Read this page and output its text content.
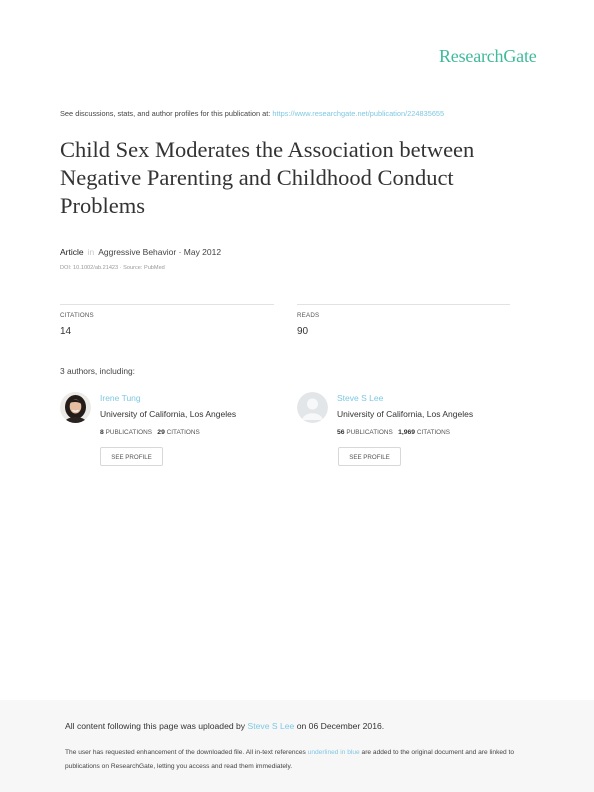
ResearchGate
See discussions, stats, and author profiles for this publication at: https://www.researchgate.net/publication/224835655
Child Sex Moderates the Association between Negative Parenting and Childhood Conduct Problems
Article in Aggressive Behavior · May 2012
DOI: 10.1002/ab.21423 · Source: PubMed
CITATIONS
14
READS
90
3 authors, including:
Irene Tung
University of California, Los Angeles
8 PUBLICATIONS 29 CITATIONS
SEE PROFILE
Steve S Lee
University of California, Los Angeles
56 PUBLICATIONS 1,969 CITATIONS
SEE PROFILE
All content following this page was uploaded by Steve S Lee on 06 December 2016.
The user has requested enhancement of the downloaded file. All in-text references underlined in blue are added to the original document and are linked to publications on ResearchGate, letting you access and read them immediately.
